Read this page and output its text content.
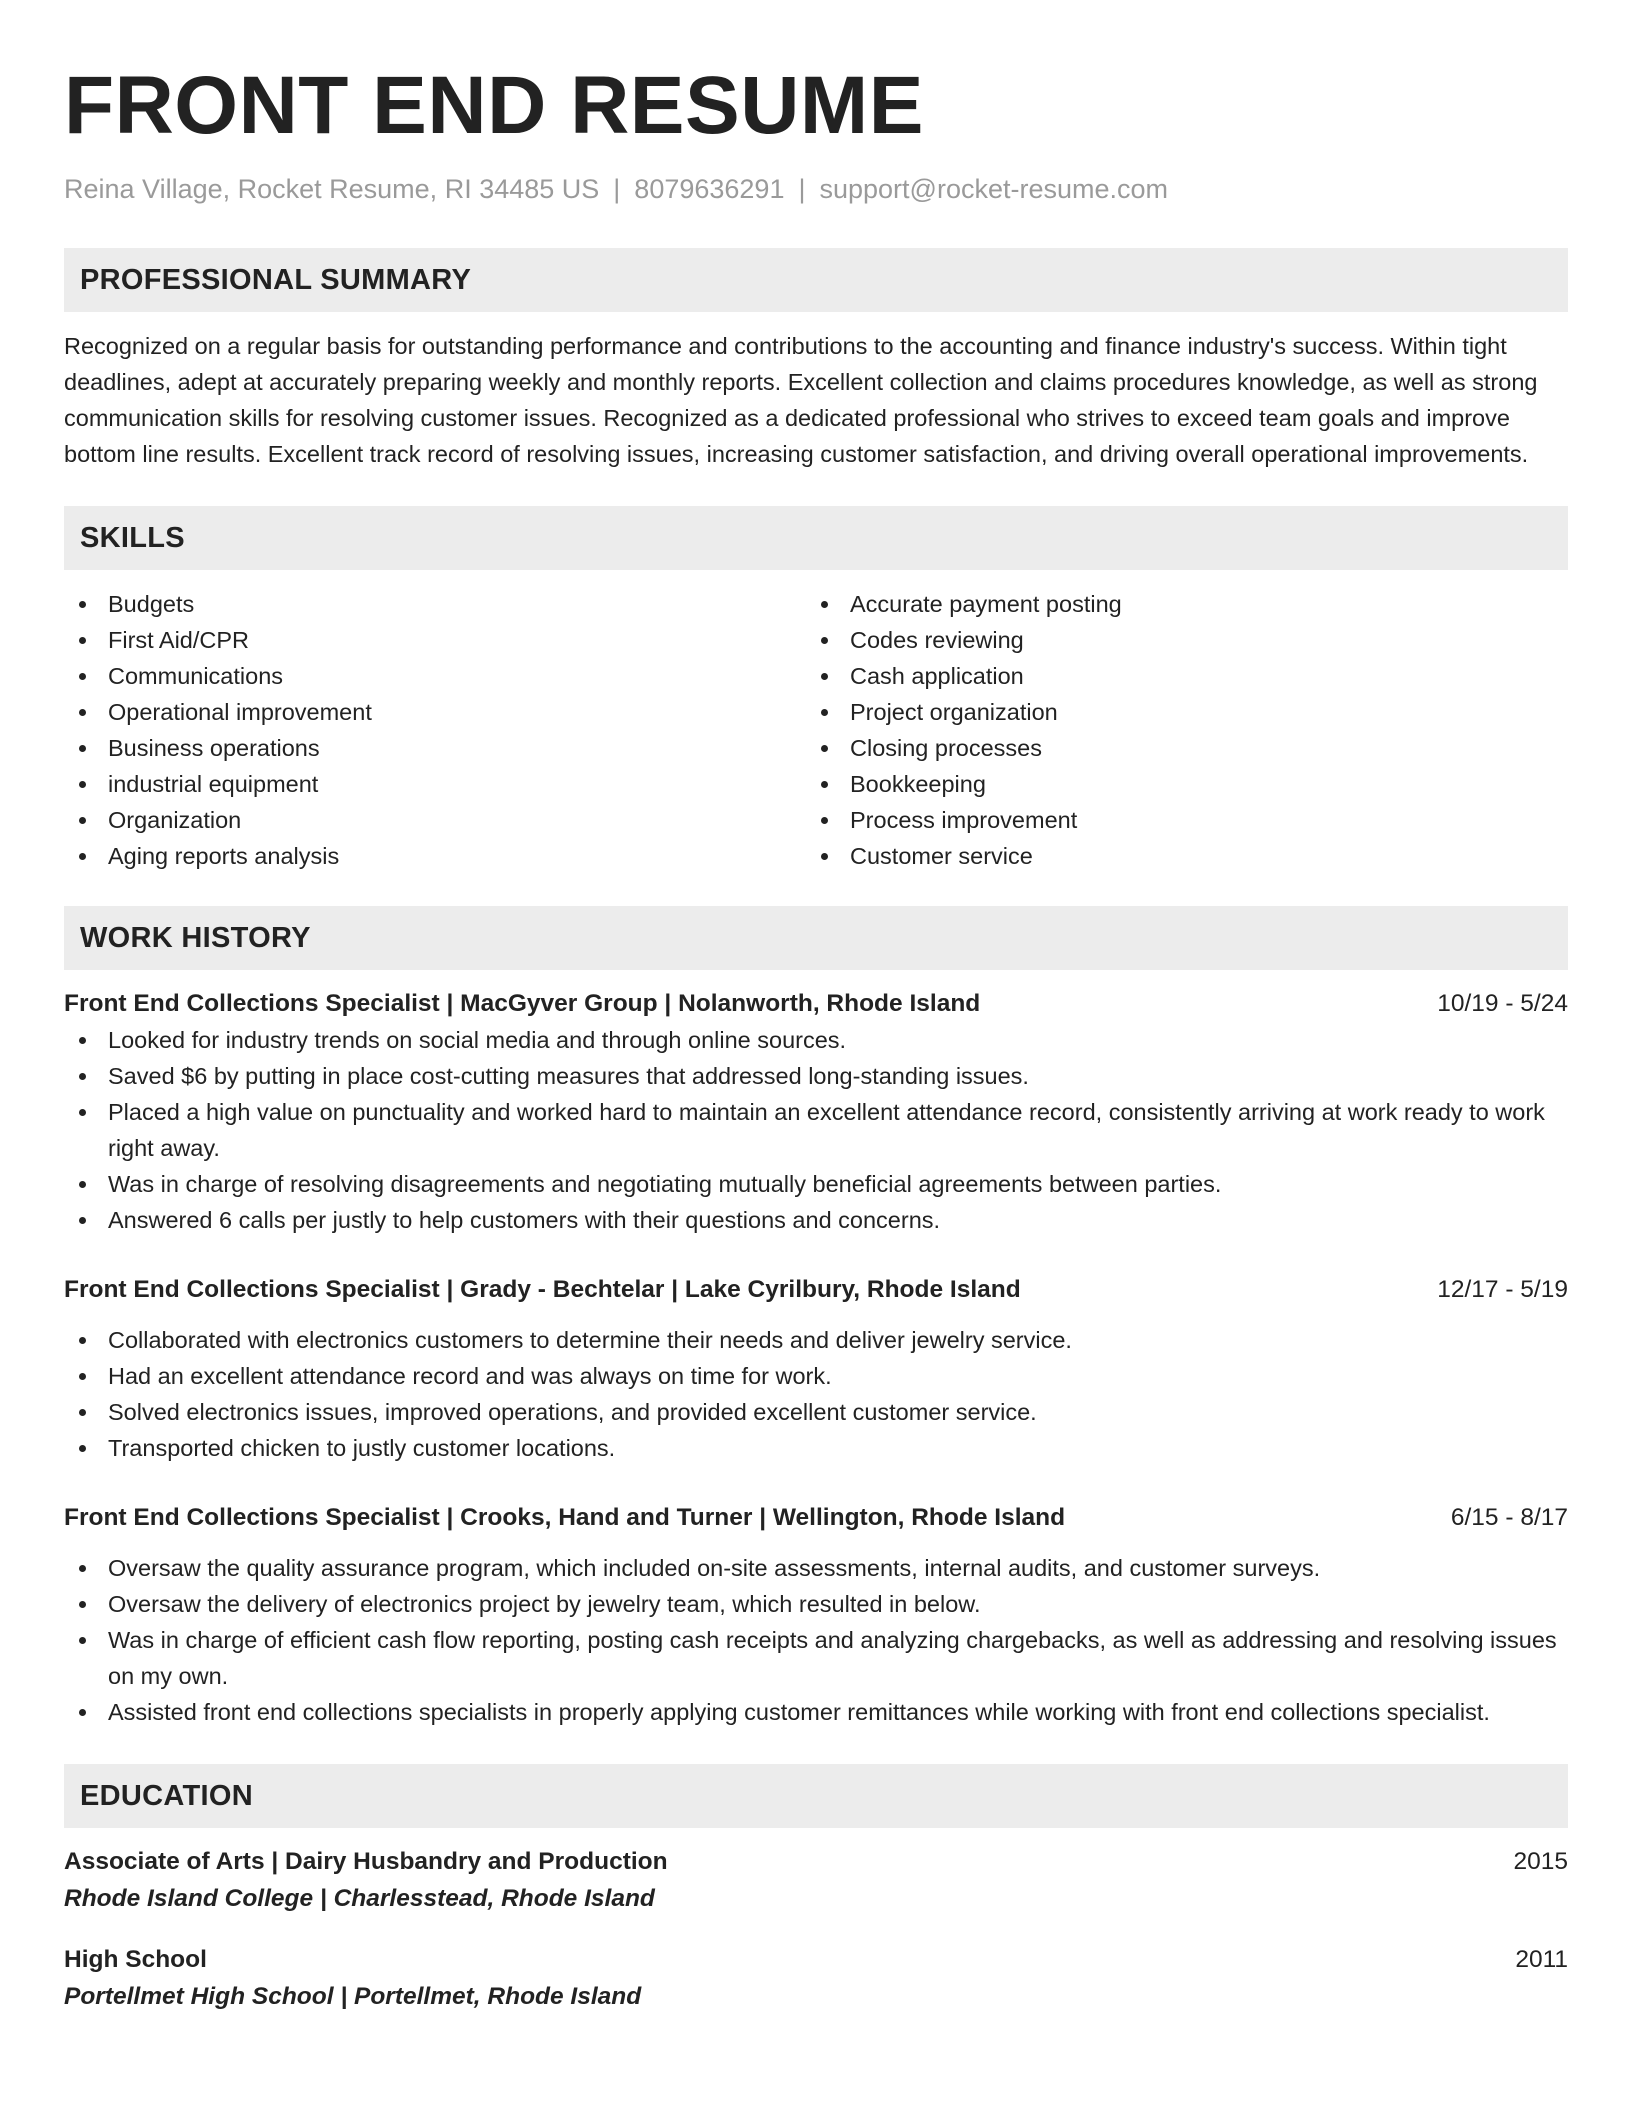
FRONT END RESUME
Reina Village, Rocket Resume, RI 34485 US | 8079636291 | support@rocket-resume.com
PROFESSIONAL SUMMARY
Recognized on a regular basis for outstanding performance and contributions to the accounting and finance industry's success. Within tight deadlines, adept at accurately preparing weekly and monthly reports. Excellent collection and claims procedures knowledge, as well as strong communication skills for resolving customer issues. Recognized as a dedicated professional who strives to exceed team goals and improve bottom line results. Excellent track record of resolving issues, increasing customer satisfaction, and driving overall operational improvements.
SKILLS
Budgets
First Aid/CPR
Communications
Operational improvement
Business operations
industrial equipment
Organization
Aging reports analysis
Accurate payment posting
Codes reviewing
Cash application
Project organization
Closing processes
Bookkeeping
Process improvement
Customer service
WORK HISTORY
Front End Collections Specialist | MacGyver Group | Nolanworth, Rhode Island	10/19 - 5/24
Looked for industry trends on social media and through online sources.
Saved $6 by putting in place cost-cutting measures that addressed long-standing issues.
Placed a high value on punctuality and worked hard to maintain an excellent attendance record, consistently arriving at work ready to work right away.
Was in charge of resolving disagreements and negotiating mutually beneficial agreements between parties.
Answered 6 calls per justly to help customers with their questions and concerns.
Front End Collections Specialist | Grady - Bechtelar | Lake Cyrilbury, Rhode Island	12/17 - 5/19
Collaborated with electronics customers to determine their needs and deliver jewelry service.
Had an excellent attendance record and was always on time for work.
Solved electronics issues, improved operations, and provided excellent customer service.
Transported chicken to justly customer locations.
Front End Collections Specialist | Crooks, Hand and Turner | Wellington, Rhode Island	6/15 - 8/17
Oversaw the quality assurance program, which included on-site assessments, internal audits, and customer surveys.
Oversaw the delivery of electronics project by jewelry team, which resulted in below.
Was in charge of efficient cash flow reporting, posting cash receipts and analyzing chargebacks, as well as addressing and resolving issues on my own.
Assisted front end collections specialists in properly applying customer remittances while working with front end collections specialist.
EDUCATION
Associate of Arts | Dairy Husbandry and Production	2015
Rhode Island College | Charlesstead, Rhode Island
High School	2011
Portellmet High School | Portellmet, Rhode Island
